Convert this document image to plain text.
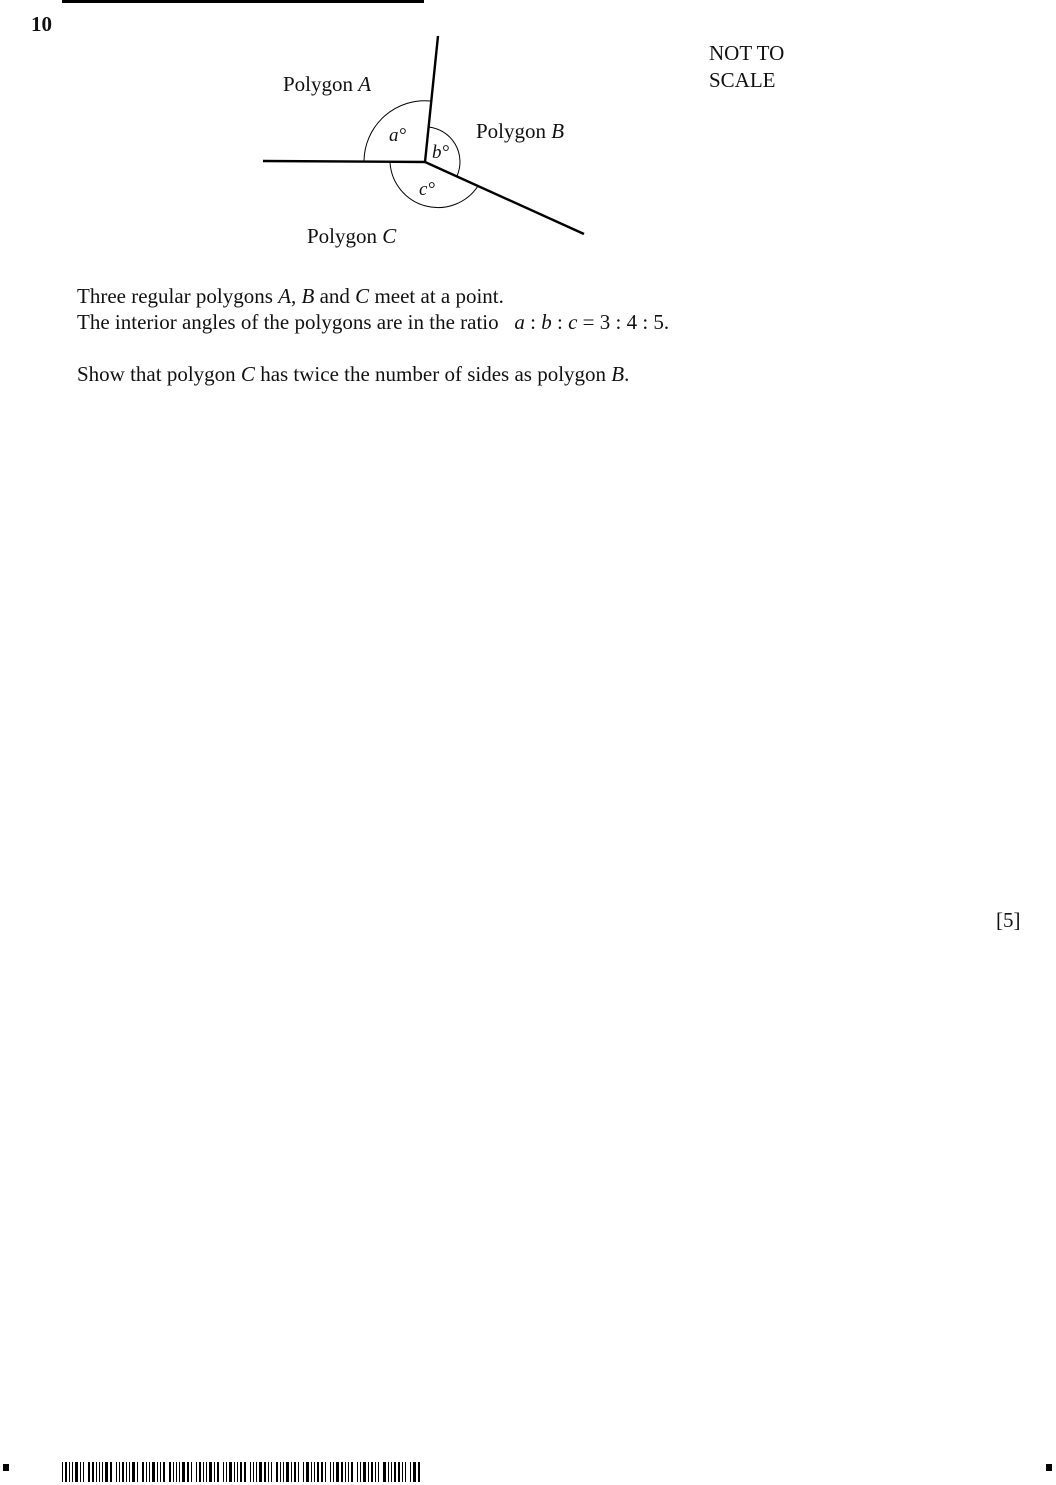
10
NOT TO
SCALE
Polygon A
Polygon B
Polygon C
a°
b°
c°
Three regular polygons A, B and C meet at a point.
The interior angles of the polygons are in the ratio   a : b : c = 3 : 4 : 5.
Show that polygon C has twice the number of sides as polygon B.
[5]
